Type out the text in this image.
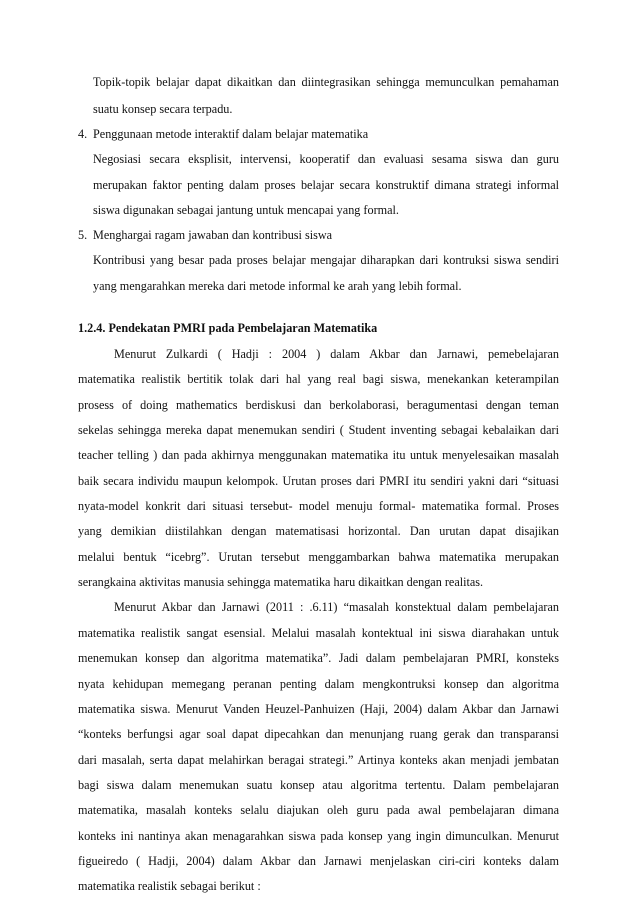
Topik-topik belajar dapat dikaitkan dan diintegrasikan sehingga memunculkan pemahaman
suatu konsep secara terpadu.
4. Penggunaan metode interaktif dalam belajar matematika
Negosiasi secara eksplisit, intervensi, kooperatif dan evaluasi sesama siswa dan guru
merupakan faktor penting dalam proses belajar secara konstruktif dimana strategi informal
siswa digunakan sebagai jantung untuk mencapai yang formal.
5. Menghargai ragam jawaban dan kontribusi siswa
Kontribusi yang besar pada proses belajar mengajar diharapkan dari kontruksi siswa sendiri
yang mengarahkan mereka dari metode informal ke arah yang lebih formal.
1.2.4. Pendekatan PMRI pada Pembelajaran Matematika
Menurut Zulkardi ( Hadji : 2004 ) dalam Akbar dan Jarnawi, pemebelajaran
matematika realistik bertitik tolak dari hal yang real bagi siswa, menekankan keterampilan
prosess of doing mathematics berdiskusi dan berkolaborasi, beragumentasi dengan teman
sekelas sehingga mereka dapat menemukan sendiri ( Student inventing sebagai kebalaikan dari
teacher telling ) dan pada akhirnya menggunakan matematika itu untuk menyelesaikan masalah
baik secara individu maupun kelompok. Urutan proses dari PMRI itu sendiri yakni dari “situasi
nyata-model konkrit dari situasi tersebut- model menuju formal- matematika formal. Proses
yang demikian diistilahkan dengan matematisasi horizontal. Dan urutan dapat disajikan
melalui bentuk “icebrg”. Urutan tersebut menggambarkan bahwa matematika merupakan
serangkaina aktivitas manusia sehingga matematika haru dikaitkan dengan realitas.
Menurut Akbar dan Jarnawi (2011 : .6.11) “masalah konstektual dalam pembelajaran
matematika realistik sangat esensial. Melalui masalah kontektual ini siswa diarahakan untuk
menemukan konsep dan algoritma matematika”. Jadi dalam pembelajaran PMRI, konsteks
nyata kehidupan memegang peranan penting dalam mengkontruksi konsep dan algoritma
matematika siswa. Menurut Vanden Heuzel-Panhuizen (Haji, 2004) dalam Akbar dan Jarnawi
“konteks berfungsi agar soal dapat dipecahkan dan menunjang ruang gerak dan transparansi
dari masalah, serta dapat melahirkan beragai strategi.” Artinya konteks akan menjadi jembatan
bagi siswa dalam menemukan suatu konsep atau algoritma tertentu. Dalam pembelajaran
matematika, masalah konteks selalu diajukan oleh guru pada awal pembelajaran dimana
konteks ini nantinya akan menagarahkan siswa pada konsep yang ingin dimunculkan. Menurut
figueiredo ( Hadji, 2004) dalam Akbar dan Jarnawi menjelaskan ciri-ciri konteks dalam
matematika realistik sebagai berikut :
